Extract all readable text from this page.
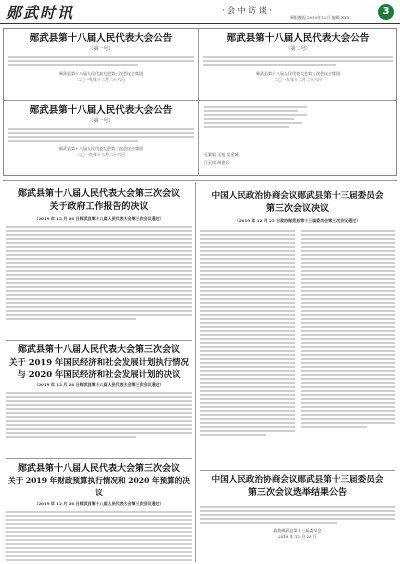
郧武时讯	· 会 中 访 谈 ·
郧阳晚报 2019年12月 编辑 XXX
3
郧武县第十八届人民代表大会公告
（第一号）
郧武县第十八届人民代表大会第三次会议主席团
二〇一九年十二月二十六日
郧武县第十八届人民代表大会公告
（第二号）
郧武县第十八届人民代表大会第三次会议主席团
二〇一九年十二月二十六日
郧武县第十八届人民代表大会公告
（第一号）
郧武县第十八届人民代表大会第三次会议主席团
二〇一九年十二月二十六日	孔繁聪 王旭 吴金城
江天伟 胡建兵
郧武县第十八届人民代表大会第三次会议
关于政府工作报告的决议
（2019 年 12 月 26 日郧武县第十八届人民代表大会第三次会议通过）
郧武县第十八届人民代表大会第三次会议
关于 2019 年国民经济和社会发展计划执行情况
与 2020 年国民经济和社会发展计划的决议
（2019 年 12 月 26 日郧武县第十八届人民代表大会第三次会议通过）
郧武县第十八届人民代表大会第三次会议
关于 2019 年财政预算执行情况和 2020 年预算的决议
（2019 年 12 月 26 日郧武县第十八届人民代表大会第三次会议通过）
中国人民政治协商会议郧武县第十三届委员会
第三次会议决议
（2019 年 12 月 25 日政协郧武县第十三届委员会第三次会议通过）
中国人民政治协商会议郧武县第十三届委员会
第三次会议选举结果公告
政协郧武县第十三届委员会
2019 年 12 月 25 日
